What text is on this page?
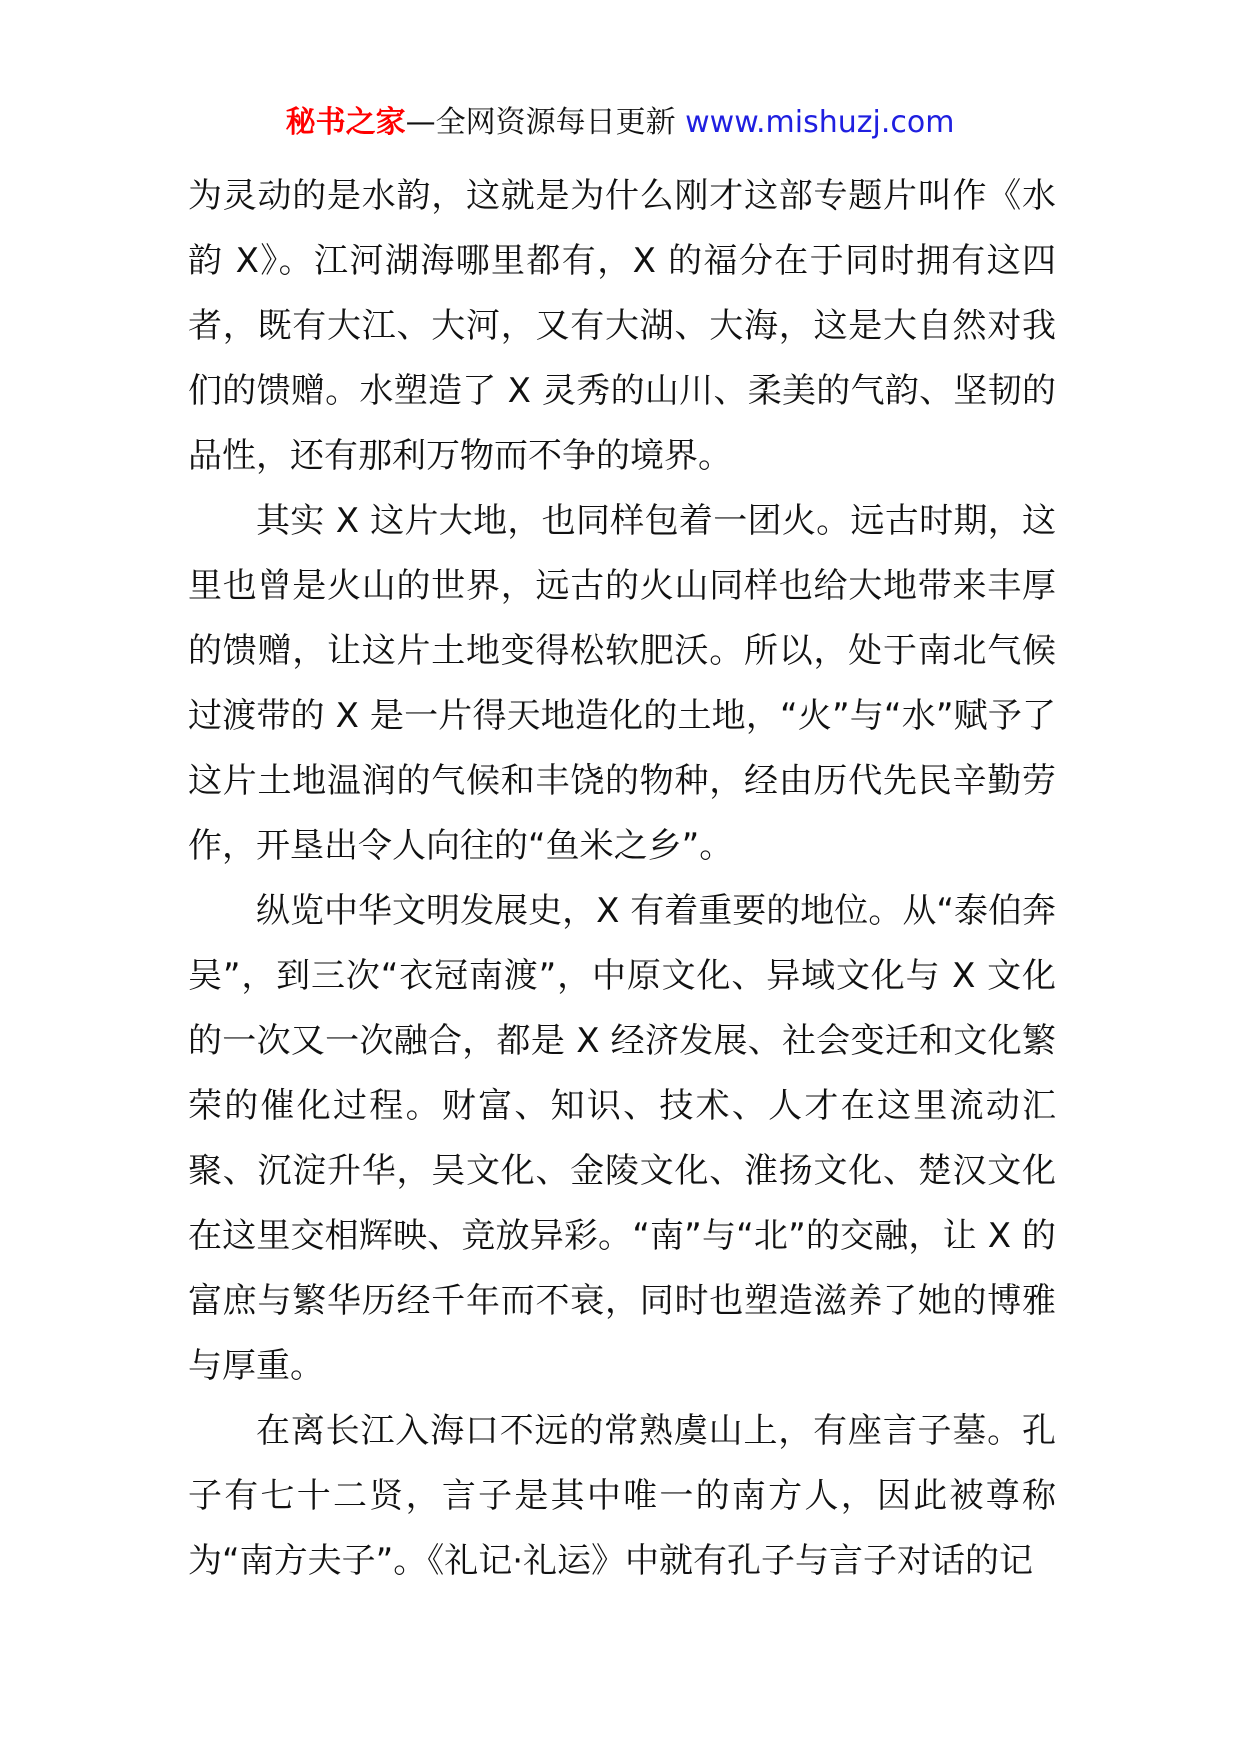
秘书之家—全网资源每日更新 www.mishuzj.com

为灵动的是水韵，这就是为什么刚才这部专题片叫作《水韵 X》。江河湖海哪里都有，X 的福分在于同时拥有这四者，既有大江、大河，又有大湖、大海，这是大自然对我们的馈赠。水塑造了 X 灵秀的山川、柔美的气韵、坚韧的品性，还有那利万物而不争的境界。

其实 X 这片大地，也同样包着一团火。远古时期，这里也曾是火山的世界，远古的火山同样也给大地带来丰厚的馈赠，让这片土地变得松软肥沃。所以，处于南北气候过渡带的 X 是一片得天地造化的土地，“火”与“水”赋予了这片土地温润的气候和丰饶的物种，经由历代先民辛勤劳作，开垦出令人向往的“鱼米之乡”。

纵览中华文明发展史，X 有着重要的地位。从“泰伯奔吴”，到三次“衣冠南渡”，中原文化、异域文化与 X 文化的一次又一次融合，都是 X 经济发展、社会变迁和文化繁荣的催化过程。财富、知识、技术、人才在这里流动汇聚、沉淀升华，吴文化、金陵文化、淮扬文化、楚汉文化在这里交相辉映、竞放异彩。“南”与“北”的交融，让 X 的富庶与繁华历经千年而不衰，同时也塑造滋养了她的博雅与厚重。

在离长江入海口不远的常熟虞山上，有座言子墓。孔子有七十二贤，言子是其中唯一的南方人，因此被尊称为“南方夫子”。《礼记·礼运》中就有孔子与言子对话的记
